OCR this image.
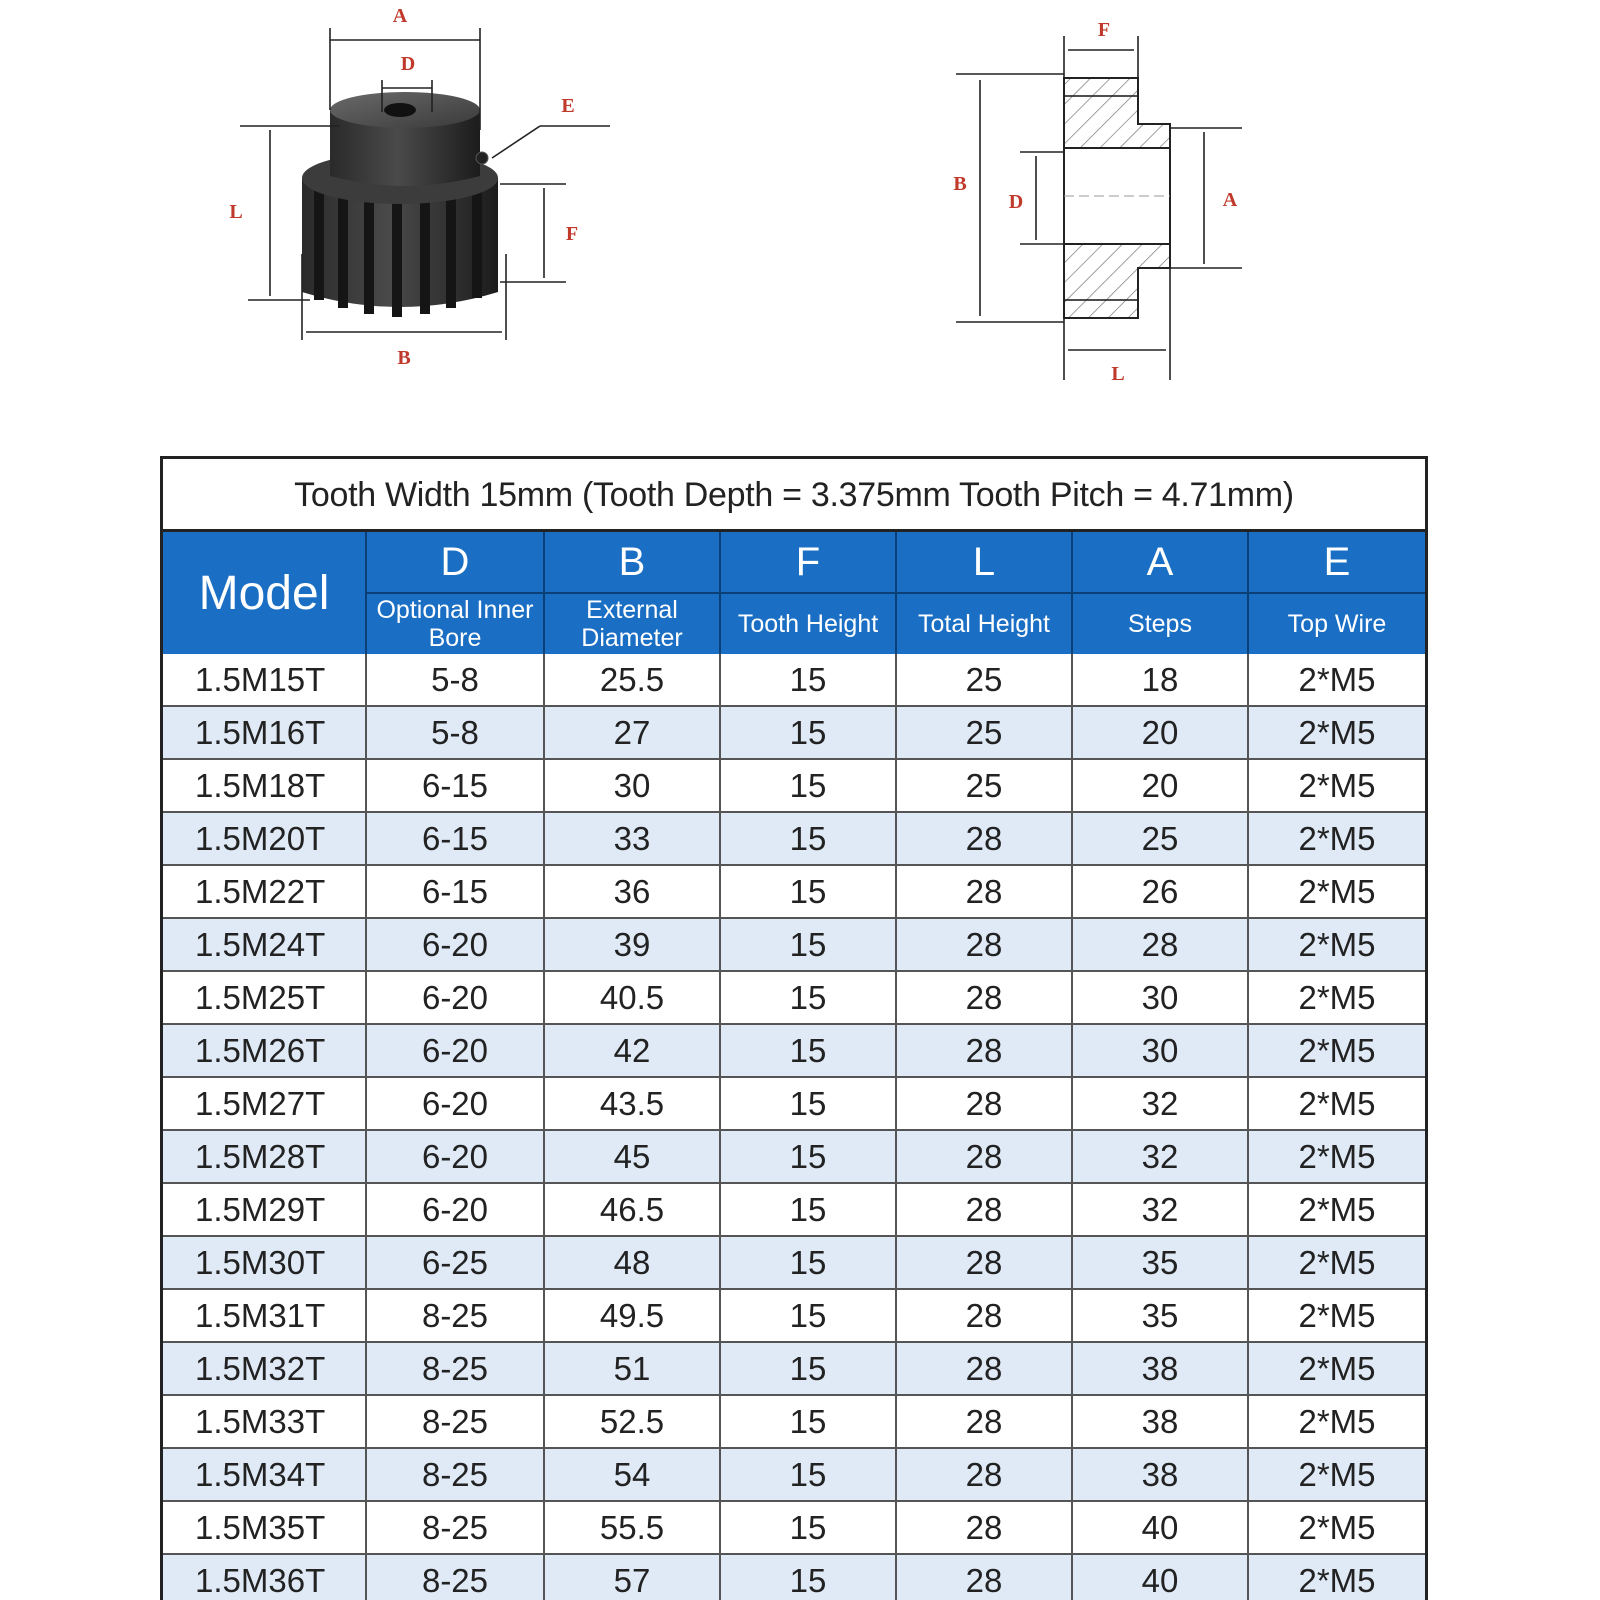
A
D
E
L
F
B
F
B
D	A
L
Tooth Width 15mm (Tooth Depth = 3.375mm Tooth Pitch = 4.71mm)
Model	D	B	F	L	A	E
	Optional Inner Bore	External Diameter	Tooth Height	Total Height	Steps	Top Wire
1.5M15T	5-8	25.5	15	25	18	2*M5
1.5M16T	5-8	27	15	25	20	2*M5
1.5M18T	6-15	30	15	25	20	2*M5
1.5M20T	6-15	33	15	28	25	2*M5
1.5M22T	6-15	36	15	28	26	2*M5
1.5M24T	6-20	39	15	28	28	2*M5
1.5M25T	6-20	40.5	15	28	30	2*M5
1.5M26T	6-20	42	15	28	30	2*M5
1.5M27T	6-20	43.5	15	28	32	2*M5
1.5M28T	6-20	45	15	28	32	2*M5
1.5M29T	6-20	46.5	15	28	32	2*M5
1.5M30T	6-25	48	15	28	35	2*M5
1.5M31T	8-25	49.5	15	28	35	2*M5
1.5M32T	8-25	51	15	28	38	2*M5
1.5M33T	8-25	52.5	15	28	38	2*M5
1.5M34T	8-25	54	15	28	38	2*M5
1.5M35T	8-25	55.5	15	28	40	2*M5
1.5M36T	8-25	57	15	28	40	2*M5
